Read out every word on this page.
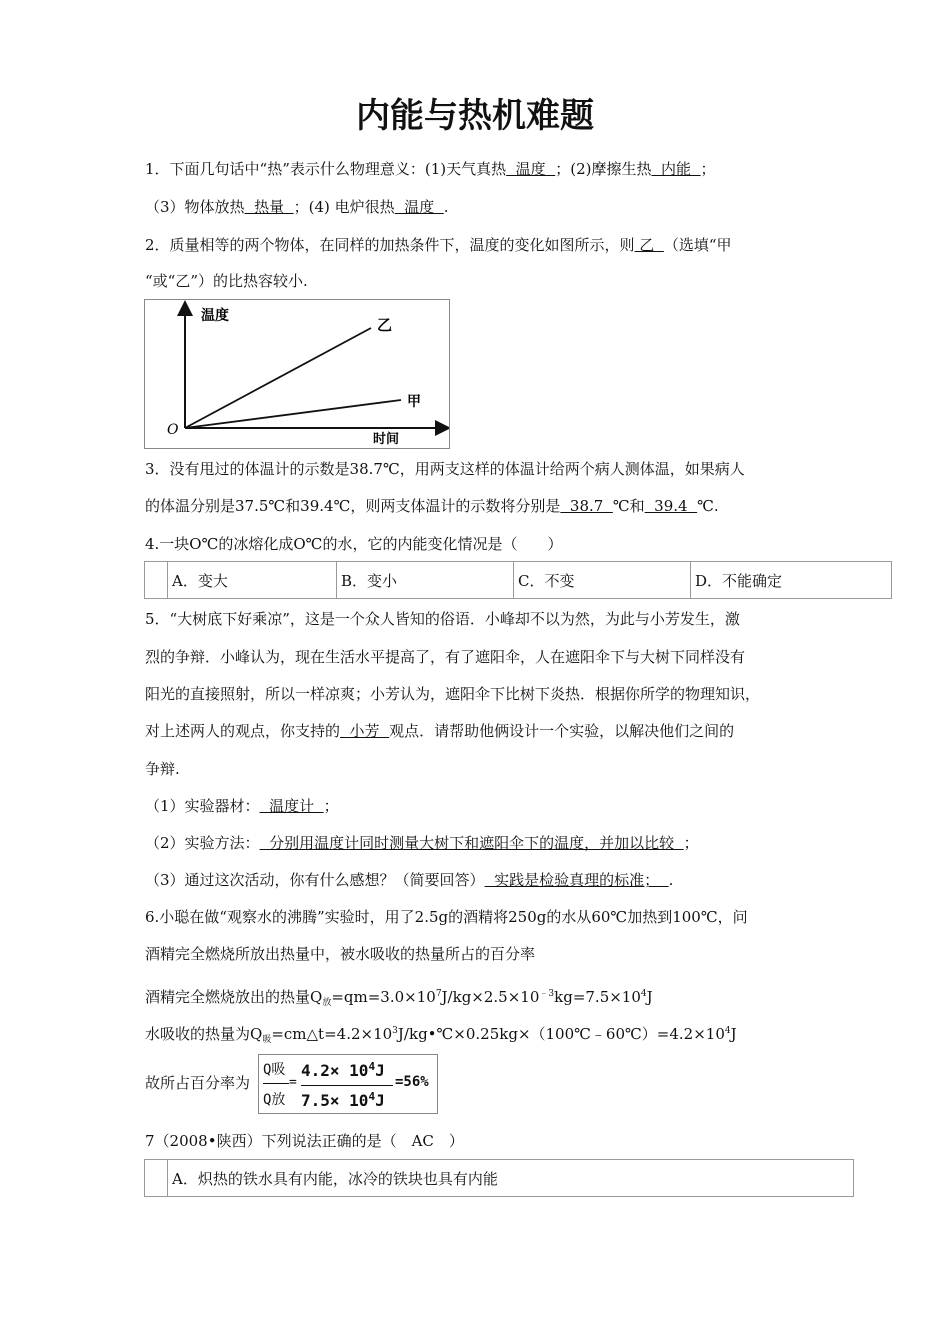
内能与热机难题
1．下面几句话中“热”表示什么物理意义：(1)天气真热  温度  ；(2)摩擦生热  内能  ；
（3）物体放热  热量  ；(4) 电炉很热  温度  .
2．质量相等的两个物体，在同样的加热条件下，温度的变化如图所示，则 乙  （选填“甲
“或“乙”）的比热容较小.
温度
时间
O
乙
甲
3．没有甩过的体温计的示数是38.7℃，用两支这样的体温计给两个病人测体温，如果病人
的体温分别是37.5℃和39.4℃，则两支体温计的示数将分别是  38.7  ℃和  39.4  ℃.
4.一块O℃的冰熔化成O℃的水，它的内能变化情况是（　　）
	A．变大	B．变小	C．不变	D．不能确定
5．“大树底下好乘凉”，这是一个众人皆知的俗语．小峰却不以为然，为此与小芳发生，激
烈的争辩．小峰认为，现在生活水平提高了，有了遮阳伞，人在遮阳伞下与大树下同样没有
阳光的直接照射，所以一样凉爽；小芳认为，遮阳伞下比树下炎热．根据你所学的物理知识，
对上述两人的观点，你支持的  小芳  观点．请帮助他俩设计一个实验，以解决他们之间的
争辩.
（1）实验器材：  温度计  ；
（2）实验方法：  分别用温度计同时测量大树下和遮阳伞下的温度，并加以比较  ；
（3）通过这次活动，你有什么感想？（简要回答）  实践是检验真理的标准；  .
6.小聪在做“观察水的沸腾”实验时，用了2.5g的酒精将250g的水从60℃加热到100℃，问
酒精完全燃烧所放出热量中，被水吸收的热量所占的百分率
酒精完全燃烧放出的热量$Q_放=qm=3.0\times 10^7J/kg\times 2.5\times 10^{﹣3}kg=7.5\times 10^4J$
水吸收的热量为$Q_吸=cm\triangle t=4.2\times 10^3J/kg•℃\times 0.25kg\times(100℃﹣60℃)=4.2\times 10^4J$
故所占百分率为
Q吸
Q放
=
$4.2\times 10^4J$
$7.5\times 10^4J$
=56%
7（2008•陕西）下列说法正确的是（　AC　）
	A．炽热的铁水具有内能，冰冷的铁块也具有内能
